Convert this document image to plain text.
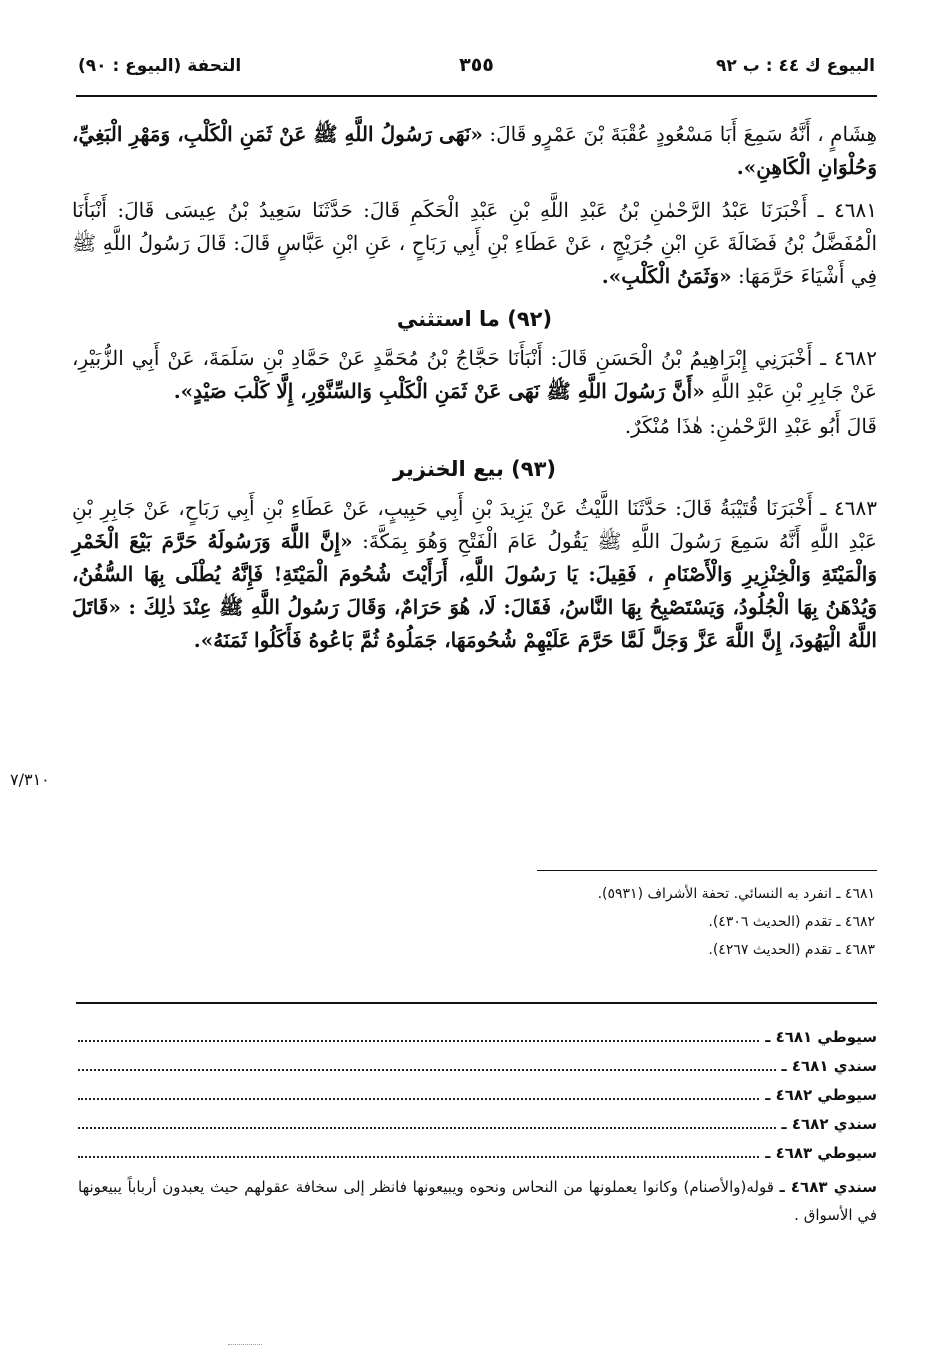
البيوع ك ٤٤ : ب ٩٢
٣٥٥
التحفة (البيوع : ٩٠)

هِشَامٍ ، أَنَّهُ سَمِعَ أَبَا مَسْعُودٍ عُقْبَةَ بْنَ عَمْرٍو قَالَ: «نَهَى رَسُولُ اللَّهِ ﷺ عَنْ ثَمَنِ الْكَلْبِ، وَمَهْرِ الْبَغِيِّ، وَحُلْوَانِ الْكَاهِنِ».

٤٦٨١ ـ أَخْبَرَنَا عَبْدُ الرَّحْمٰنِ بْنُ عَبْدِ اللَّهِ بْنِ عَبْدِ الْحَكَمِ قَالَ: حَدَّثَنَا سَعِيدُ بْنُ عِيسَى قَالَ: أَنْبَأَنَا الْمُفَضَّلُ بْنُ فَضَالَةَ عَنِ ابْنِ جُرَيْجٍ ، عَنْ عَطَاءِ بْنِ أَبِي رَبَاحٍ ، عَنِ ابْنِ عَبَّاسٍ قَالَ: قَالَ رَسُولُ اللَّهِ ﷺ فِي أَشْيَاءَ حَرَّمَهَا: «وَثَمَنُ الْكَلْبِ».

(٩٢) ما استثني

٤٦٨٢ ـ أَخْبَرَنِي إِبْرَاهِيمُ بْنُ الْحَسَنِ قَالَ: أَنْبَأَنَا حَجَّاجُ بْنُ مُحَمَّدٍ عَنْ حَمَّادِ بْنِ سَلَمَةَ، عَنْ أَبِي الزُّبَيْرِ، عَنْ جَابِرِ بْنِ عَبْدِ اللَّهِ «أَنَّ رَسُولَ اللَّهِ ﷺ نَهَى عَنْ ثَمَنِ الْكَلْبِ وَالسِّنَّوْرِ، إِلَّا كَلْبَ صَيْدٍ».

قَالَ أَبُو عَبْدِ الرَّحْمٰنِ: هٰذَا مُنْكَرٌ.

(٩٣) بيع الخنزير

٤٦٨٣ ـ أَخْبَرَنَا قُتَيْبَةُ قَالَ: حَدَّثَنَا اللَّيْثُ عَنْ يَزِيدَ بْنِ أَبِي حَبِيبٍ، عَنْ عَطَاءِ بْنِ أَبِي رَبَاحٍ، عَنْ جَابِرِ بْنِ عَبْدِ اللَّهِ أَنَّهُ سَمِعَ رَسُولَ اللَّهِ ﷺ يَقُولُ عَامَ الْفَتْحِ وَهُوَ بِمَكَّةَ: «إِنَّ اللَّهَ وَرَسُولَهُ حَرَّمَ بَيْعَ الْخَمْرِ وَالْمَيْتَةِ وَالْخِنْزِيرِ وَالْأَصْنَامِ ، فَقِيلَ: يَا رَسُولَ اللَّهِ، أَرَأَيْتَ شُحُومَ الْمَيْتَةِ! فَإِنَّهُ يُطْلَى بِهَا السُّفُنُ، وَيُدْهَنُ بِهَا الْجُلُودُ، وَيَسْتَصْبِحُ بِهَا النَّاسُ، فَقَالَ: لَا، هُوَ حَرَامٌ، وَقَالَ رَسُولُ اللَّهِ ﷺ عِنْدَ ذٰلِكَ : «قَاتَلَ اللَّهُ الْيَهُودَ، إِنَّ اللَّهَ عَزَّ وَجَلَّ لَمَّا حَرَّمَ عَلَيْهِمْ شُحُومَهَا، جَمَلُوهُ ثُمَّ بَاعُوهُ فَأَكَلُوا ثَمَنَهُ».

٧/٣١٠
٤٦٨١ ـ انفرد به النسائي. تحفة الأشراف (٥٩٣١).
٤٦٨٢ ـ تقدم (الحديث ٤٣٠٦).
٤٦٨٣ ـ تقدم (الحديث ٤٢٦٧).
سيوطي ٤٦٨١ ـ
سندي ٤٦٨١ ـ
سيوطي ٤٦٨٢ ـ
سندي ٤٦٨٢ ـ
سيوطي ٤٦٨٣ ـ
سندي ٤٦٨٣ ـ قوله(والأصنام) وكانوا يعملونها من النحاس ونحوه ويبيعونها فانظر إلى سخافة عقولهم حيث يعبدون أرباباً يبيعونها في الأسواق .
